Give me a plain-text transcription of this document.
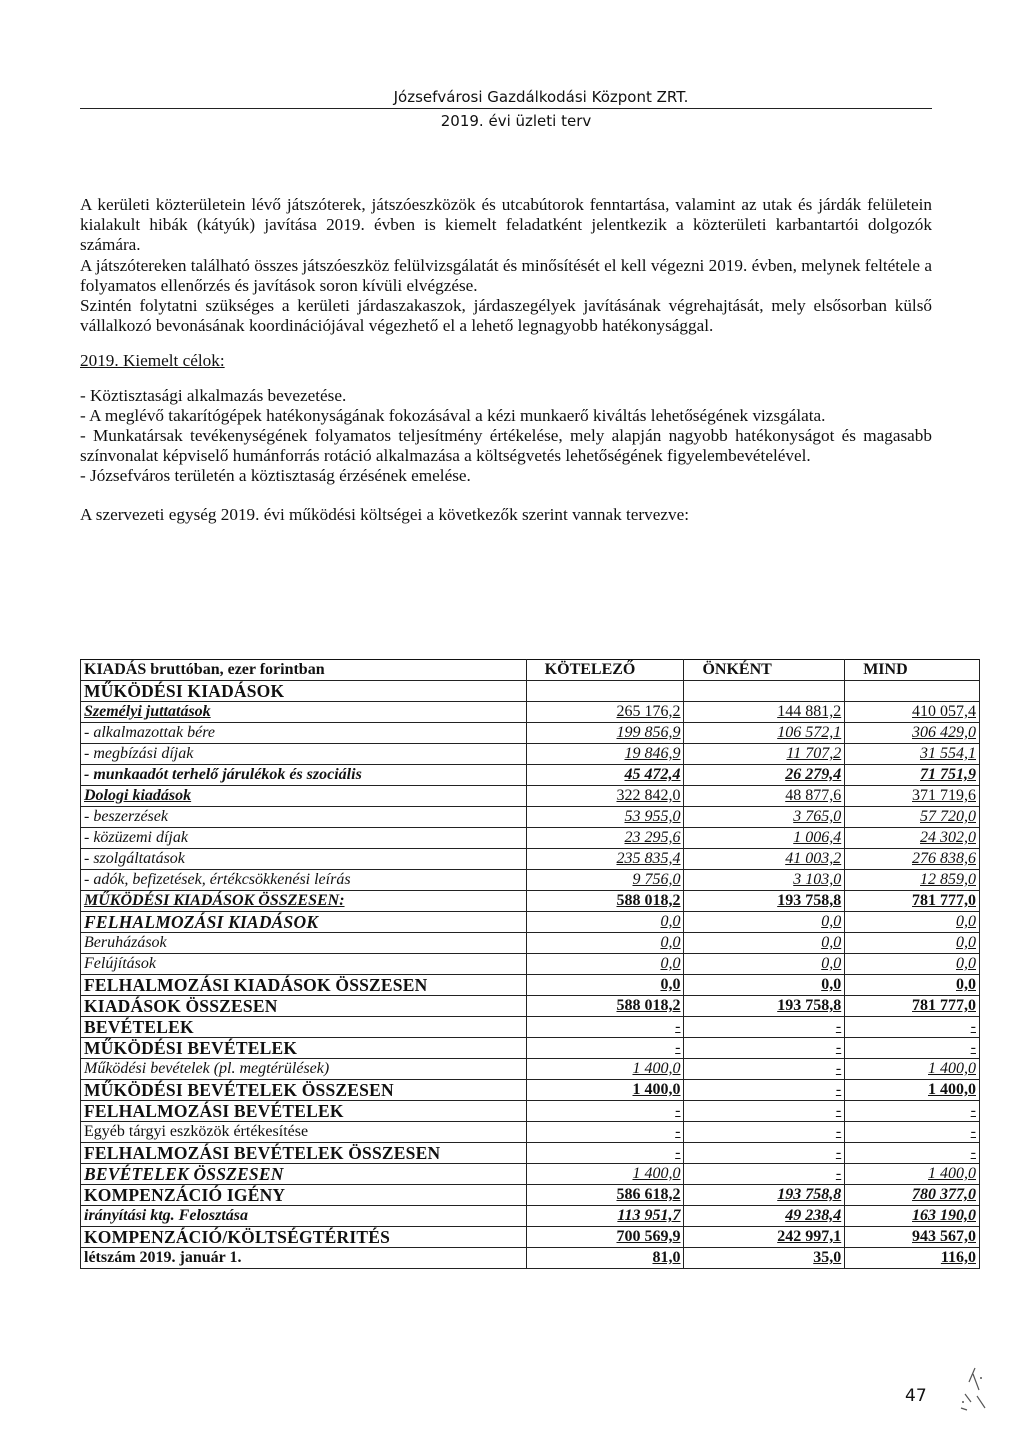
Józsefvárosi Gazdálkodási Központ ZRT.
2019. évi üzleti terv

A kerületi közterületein lévő játszóterek, játszóeszközök és utcabútorok fenntartása, valamint az utak és járdák felületein kialakult hibák (kátyúk) javítása 2019. évben is kiemelt feladatként jelentkezik a közterületi karbantartói dolgozók számára.

A játszótereken található összes játszóeszköz felülvizsgálatát és minősítését el kell végezni 2019. évben, melynek feltétele a folyamatos ellenőrzés és javítások soron kívüli elvégzése.

Szintén folytatni szükséges a kerületi járdaszakaszok, járdaszegélyek javításának végrehajtását, mely elsősorban külső vállalkozó bevonásának koordinációjával végezhető el a lehető legnagyobb hatékonysággal.

2019. Kiemelt célok:

- Köztisztasági alkalmazás bevezetése.
- A meglévő takarítógépek hatékonyságának fokozásával a kézi munkaerő kiváltás lehetőségének vizsgálata.
- Munkatársak tevékenységének folyamatos teljesítmény értékelése, mely alapján nagyobb hatékonyságot és magasabb színvonalat képviselő humánforrás rotáció alkalmazása a költségvetés lehetőségének figyelembevételével.
- Józsefváros területén a köztisztaság érzésének emelése.

A szervezeti egység 2019. évi működési költségei a következők szerint vannak tervezve:

KIADÁS bruttóban, ezer forintban	KÖTELEZŐ	ÖNKÉNT	MIND
MŰKÖDÉSI KIADÁSOK			
Személyi juttatások	265 176,2	144 881,2	410 057,4
- alkalmazottak bére	199 856,9	106 572,1	306 429,0
- megbízási díjak	19 846,9	11 707,2	31 554,1
- munkaadót terhelő járulékok és szociális	45 472,4	26 279,4	71 751,9
Dologi kiadások	322 842,0	48 877,6	371 719,6
- beszerzések	53 955,0	3 765,0	57 720,0
- közüzemi díjak	23 295,6	1 006,4	24 302,0
- szolgáltatások	235 835,4	41 003,2	276 838,6
- adók, befizetések, értékcsökkenési leírás	9 756,0	3 103,0	12 859,0
MŰKÖDÉSI KIADÁSOK ÖSSZESEN:	588 018,2	193 758,8	781 777,0
FELHALMOZÁSI KIADÁSOK	0,0	0,0	0,0
Beruházások	0,0	0,0	0,0
Felújítások	0,0	0,0	0,0
FELHALMOZÁSI KIADÁSOK ÖSSZESEN	0,0	0,0	0,0
KIADÁSOK ÖSSZESEN	588 018,2	193 758,8	781 777,0
BEVÉTELEK	-	-	-
MŰKÖDÉSI BEVÉTELEK	-	-	-
Működési bevételek (pl. megtérülések)	1 400,0	-	1 400,0
MŰKÖDÉSI BEVÉTELEK ÖSSZESEN	1 400,0	-	1 400,0
FELHALMOZÁSI BEVÉTELEK	-	-	-
Egyéb tárgyi eszközök értékesítése	-	-	-
FELHALMOZÁSI BEVÉTELEK ÖSSZESEN	-	-	-
BEVÉTELEK ÖSSZESEN	1 400,0	-	1 400,0
KOMPENZÁCIÓ IGÉNY	586 618,2	193 758,8	780 377,0
irányítási ktg. Felosztása	113 951,7	49 238,4	163 190,0
KOMPENZÁCIÓ/KÖLTSÉGTÉRITÉS	700 569,9	242 997,1	943 567,0
létszám 2019. január 1.	81,0	35,0	116,0
47
